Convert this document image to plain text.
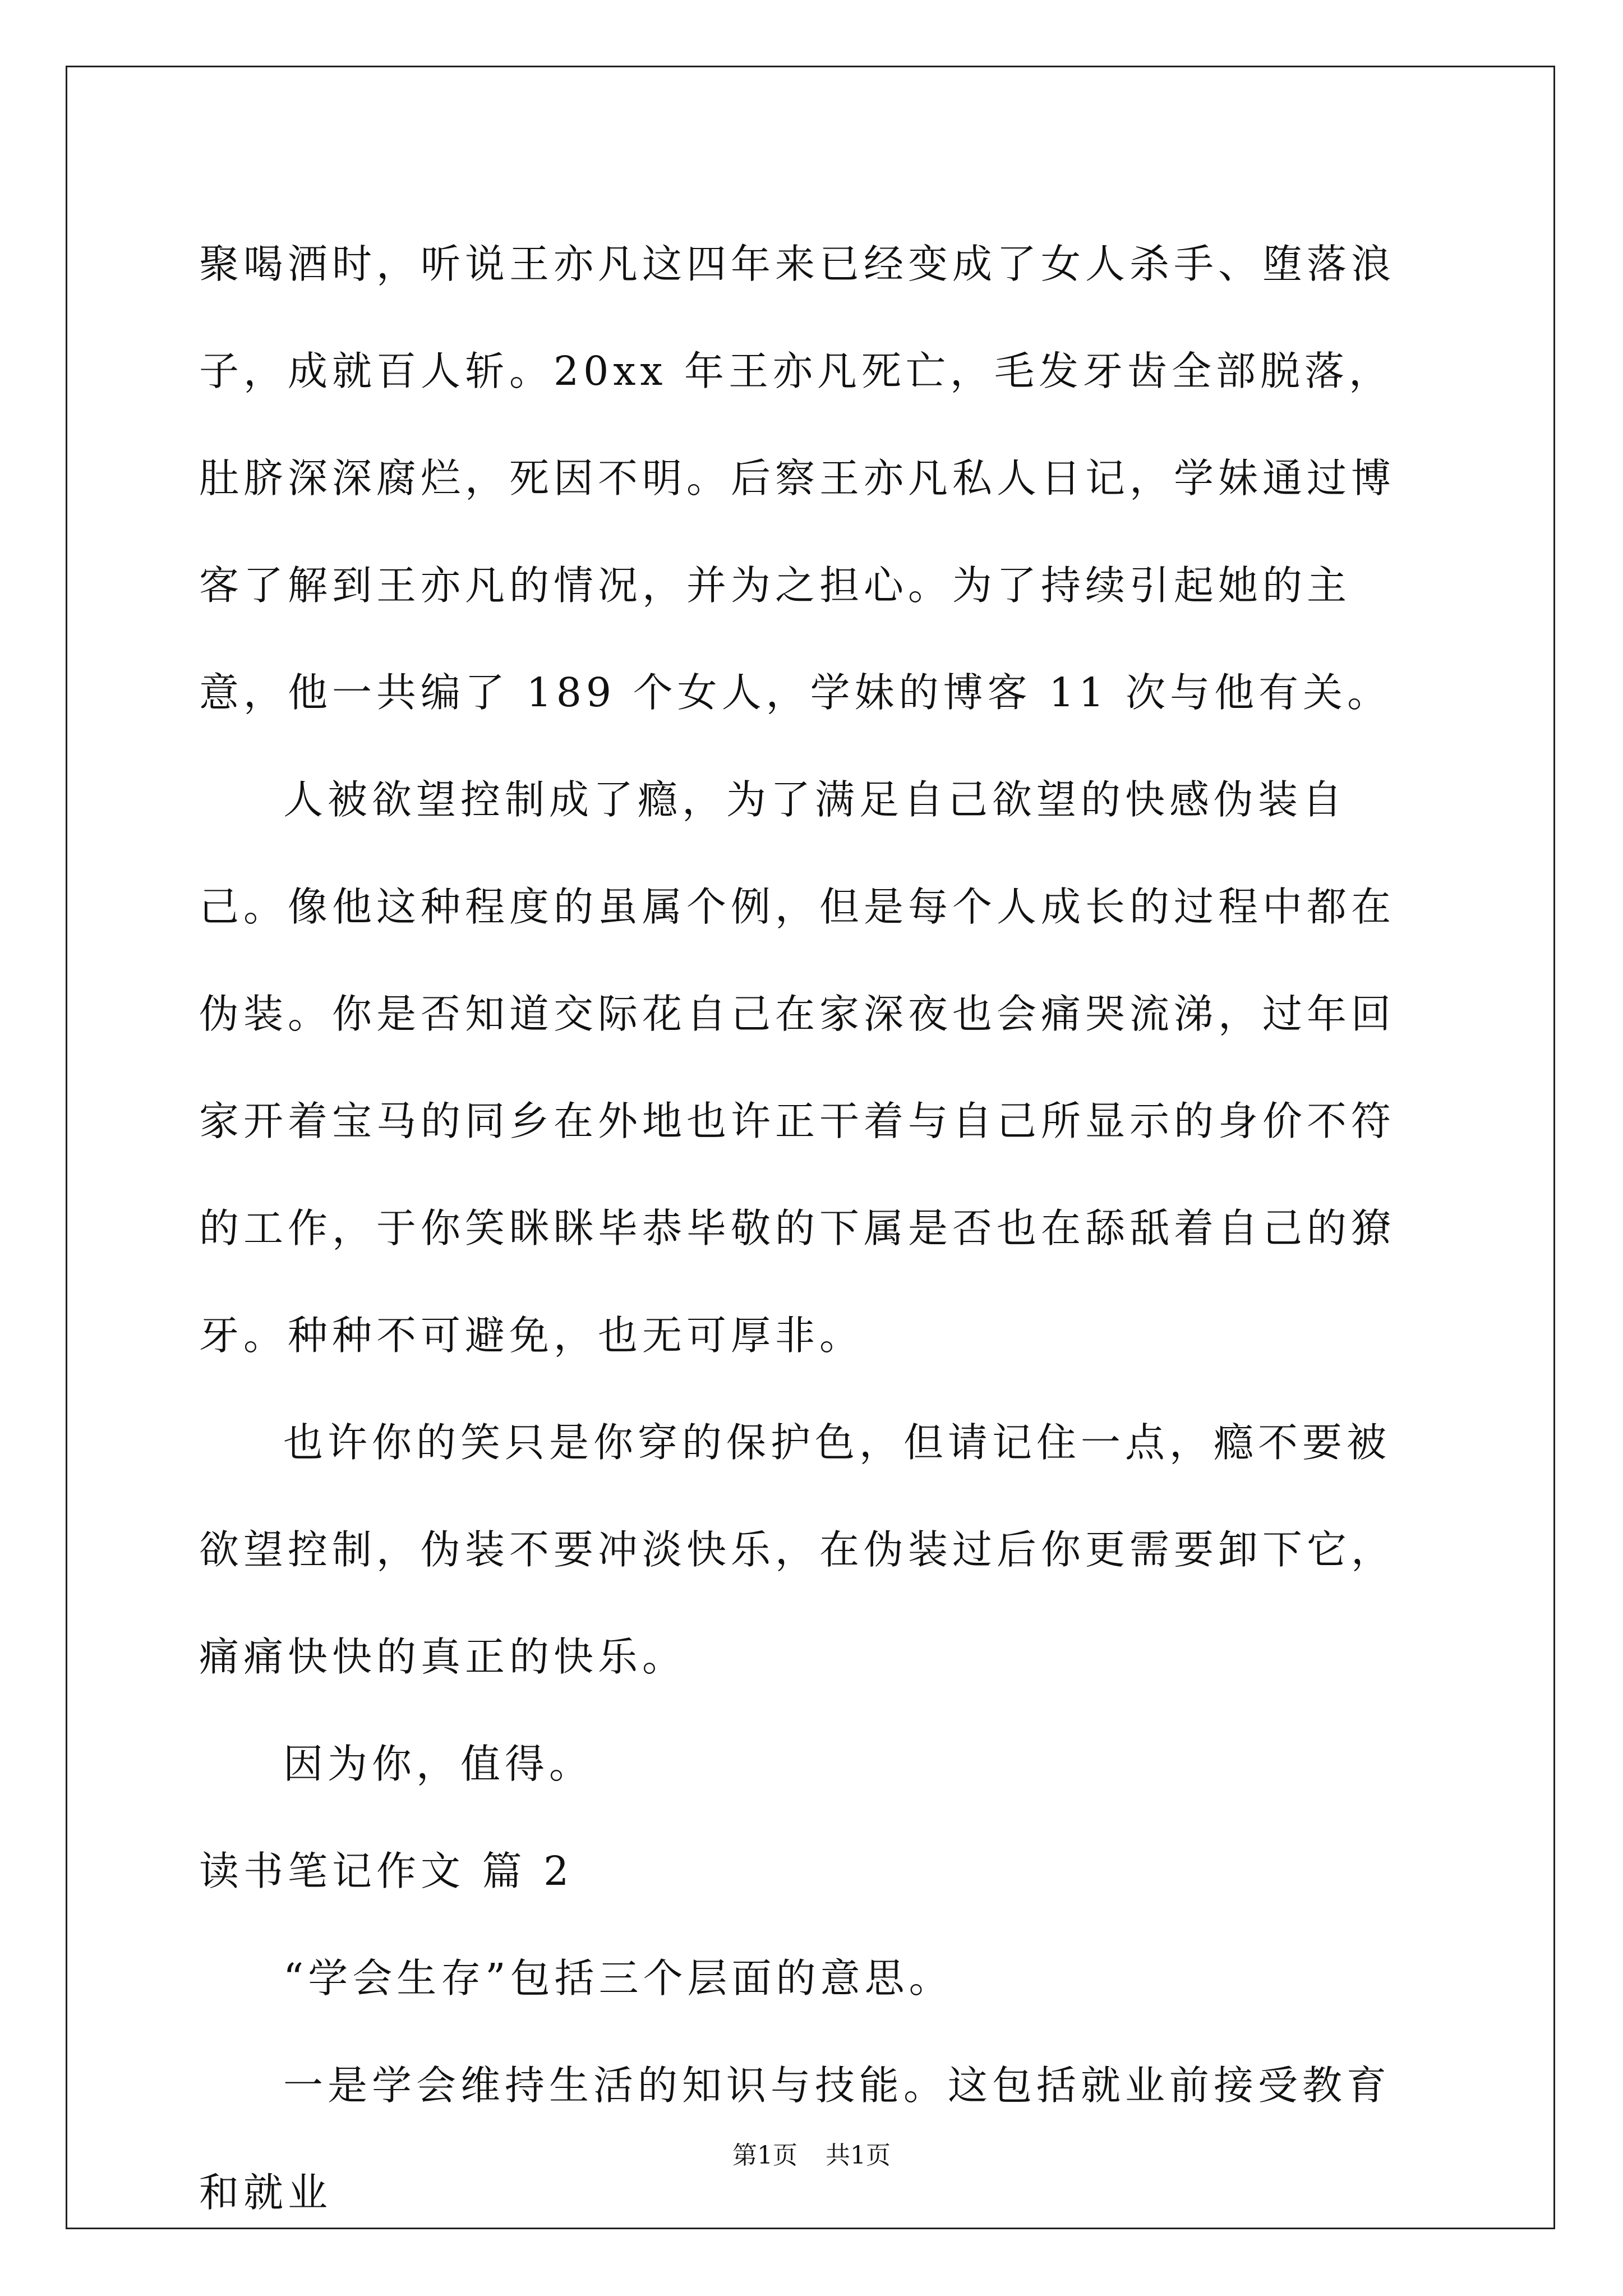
聚喝酒时，听说王亦凡这四年来已经变成了女人杀手、堕落浪子，成就百人斩。20xx 年王亦凡死亡，毛发牙齿全部脱落，肚脐深深腐烂，死因不明。后察王亦凡私人日记，学妹通过博客了解到王亦凡的情况，并为之担心。为了持续引起她的主意，他一共编了 189 个女人，学妹的博客 11 次与他有关。

人被欲望控制成了瘾，为了满足自己欲望的快感伪装自己。像他这种程度的虽属个例，但是每个人成长的过程中都在伪装。你是否知道交际花自己在家深夜也会痛哭流涕，过年回家开着宝马的同乡在外地也许正干着与自己所显示的身价不符的工作，于你笑眯眯毕恭毕敬的下属是否也在舔舐着自己的獠牙。种种不可避免，也无可厚非。

也许你的笑只是你穿的保护色，但请记住一点，瘾不要被欲望控制，伪装不要冲淡快乐，在伪装过后你更需要卸下它，痛痛快快的真正的快乐。

因为你，值得。

读书笔记作文 篇 2

“学会生存”包括三个层面的意思。

一是学会维持生活的知识与技能。这包括就业前接受教育和就业

第1页 共1页
